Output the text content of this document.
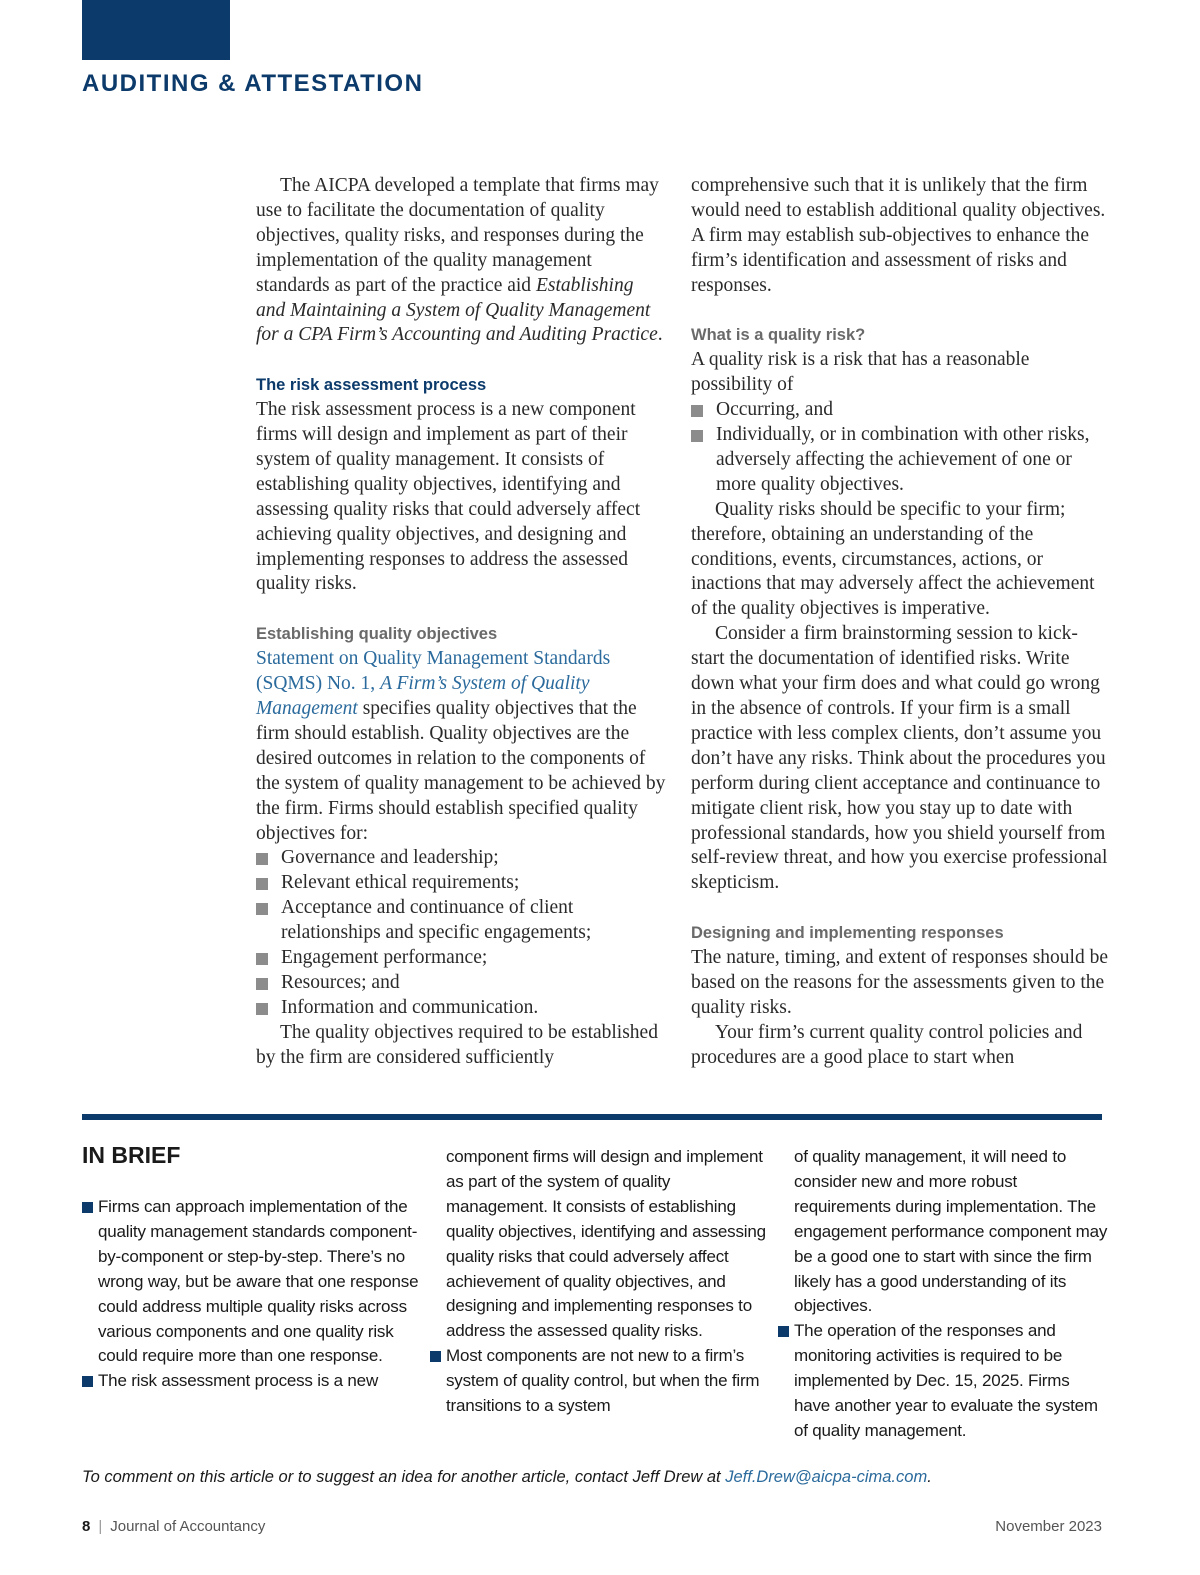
AUDITING & ATTESTATION

The AICPA developed a template that firms may use to facilitate the documentation of quality objectives, quality risks, and responses during the implementation of the quality management standards as part of the practice aid Establishing and Maintaining a System of Quality Management for a CPA Firm’s Accounting and Auditing Practice.

The risk assessment process

The risk assessment process is a new component firms will design and implement as part of their system of quality management. It consists of establishing quality objectives, identifying and assessing quality risks that could adversely affect achieving quality objectives, and designing and implementing responses to address the assessed quality risks.

Establishing quality objectives

Statement on Quality Management Standards (SQMS) No. 1, A Firm’s System of Quality Management specifies quality objectives that the firm should establish. Quality objectives are the desired outcomes in relation to the components of the system of quality management to be achieved by the firm. Firms should establish specified quality objectives for:

Governance and leadership;
Relevant ethical requirements;
Acceptance and continuance of client relationships and specific engagements;
Engagement performance;
Resources; and
Information and communication.

The quality objectives required to be established by the firm are considered sufficiently

comprehensive such that it is unlikely that the firm would need to establish additional quality objectives. A firm may establish sub-objectives to enhance the firm’s identification and assessment of risks and responses.

What is a quality risk?

A quality risk is a risk that has a reasonable possibility of

Occurring, and
Individually, or in combination with other risks, adversely affecting the achievement of one or more quality objectives.

Quality risks should be specific to your firm; therefore, obtaining an understanding of the conditions, events, circumstances, actions, or inactions that may adversely affect the achievement of the quality objectives is imperative.

Consider a firm brainstorming session to kick-start the documentation of identified risks. Write down what your firm does and what could go wrong in the absence of controls. If your firm is a small practice with less complex clients, don’t assume you don’t have any risks. Think about the procedures you perform during client acceptance and continuance to mitigate client risk, how you stay up to date with professional standards, how you shield yourself from self-review threat, and how you exercise professional skepticism.

Designing and implementing responses

The nature, timing, and extent of responses should be based on the reasons for the assessments given to the quality risks.

Your firm’s current quality control policies and procedures are a good place to start when

IN BRIEF
Firms can approach implementation of the quality management standards component-by-component or step-by-step. There’s no wrong way, but be aware that one response could address multiple quality risks across various components and one quality risk could require more than one response.
The risk assessment process is a new

component firms will design and implement as part of the system of quality management. It consists of establishing quality objectives, identifying and assessing quality risks that could adversely affect achievement of quality objectives, and designing and implementing responses to address the assessed quality risks.

Most components are not new to a firm’s system of quality control, but when the firm transitions to a system

of quality management, it will need to consider new and more robust requirements during implementation. The engagement performance component may be a good one to start with since the firm likely has a good understanding of its objectives.

The operation of the responses and monitoring activities is required to be implemented by Dec. 15, 2025. Firms have another year to evaluate the system of quality management.
To comment on this article or to suggest an idea for another article, contact Jeff Drew at Jeff.Drew@aicpa-cima.com.
8 | Journal of Accountancy	November 2023
